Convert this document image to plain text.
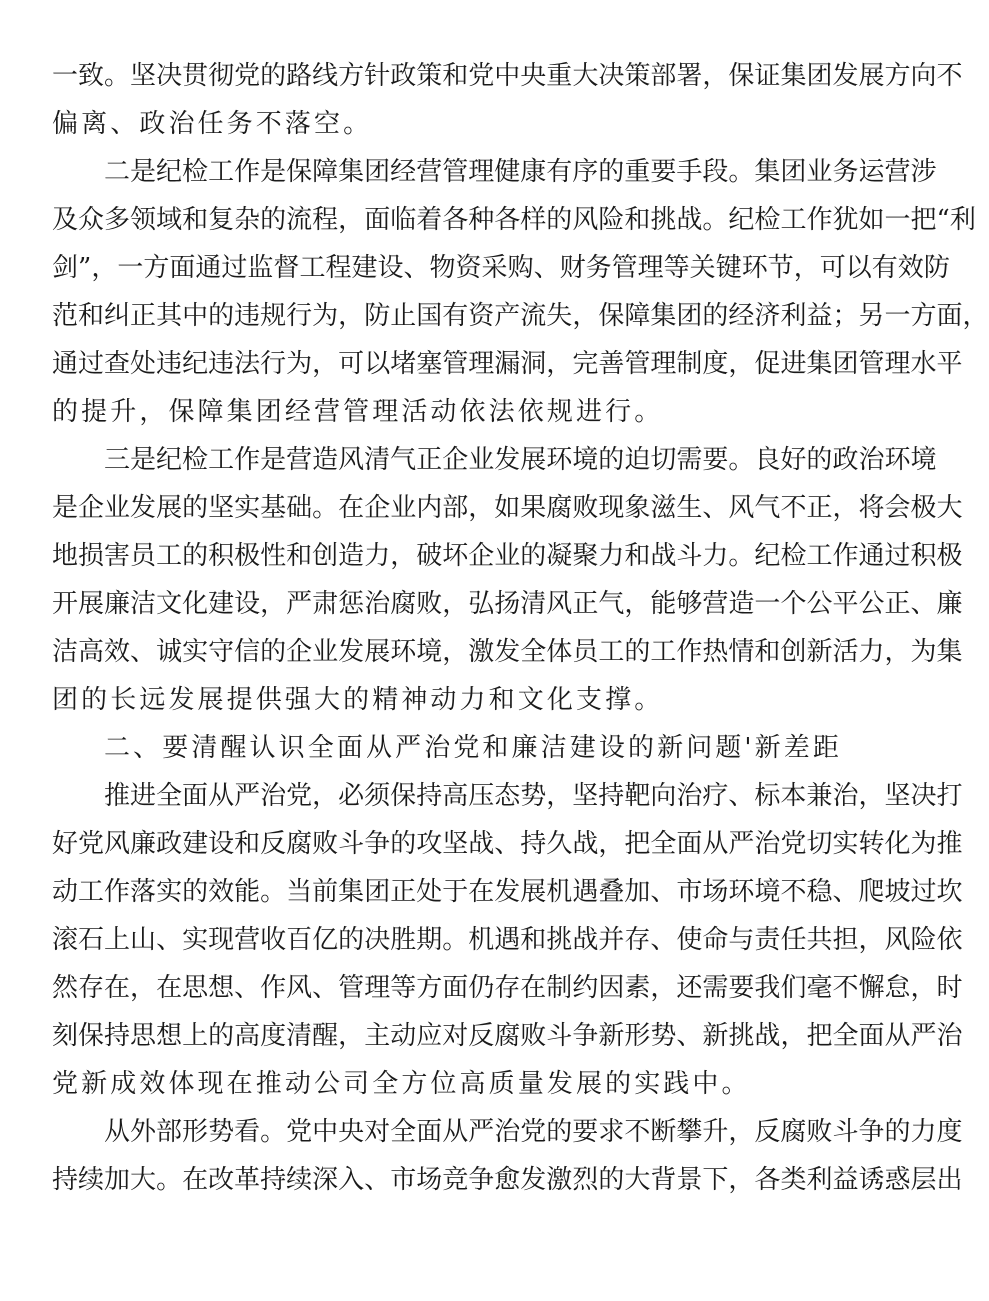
一 致 。 坚 决 贯 彻 党 的 路 线 方 针 政 策 和 党 中 央 重 大 决 策 部 署 ， 保 证 集 团 发 展 方 向 不
偏 离 、 政 治 任 务 不 落 空 。
二 是 纪 检 工 作 是 保 障 集 团 经 营 管 理 健 康 有 序 的 重 要 手 段 。 集 团 业 务 运 营 涉
及 众 多 领 域 和 复 杂 的 流 程 ， 面 临 着 各 种 各 样 的 风 险 和 挑 战 。 纪 检 工 作 犹 如 一 把 “ 利
剑 ” ， 一 方 面 通 过 监 督 工 程 建 设 、 物 资 采 购 、 财 务 管 理 等 关 键 环 节 ， 可 以 有 效 防
范 和 纠 正 其 中 的 违 规 行 为 ， 防 止 国 有 资 产 流 失 ， 保 障 集 团 的 经 济 利 益 ； 另 一 方 面 ，
通 过 查 处 违 纪 违 法 行 为 ， 可 以 堵 塞 管 理 漏 洞 ， 完 善 管 理 制 度 ， 促 进 集 团 管 理 水 平
的 提 升 ， 保 障 集 团 经 营 管 理 活 动 依 法 依 规 进 行 。
三 是 纪 检 工 作 是 营 造 风 清 气 正 企 业 发 展 环 境 的 迫 切 需 要 。 良 好 的 政 治 环 境
是 企 业 发 展 的 坚 实 基 础 。 在 企 业 内 部 ， 如 果 腐 败 现 象 滋 生 、 风 气 不 正 ， 将 会 极 大
地 损 害 员 工 的 积 极 性 和 创 造 力 ， 破 坏 企 业 的 凝 聚 力 和 战 斗 力 。 纪 检 工 作 通 过 积 极
开 展 廉 洁 文 化 建 设 ， 严 肃 惩 治 腐 败 ， 弘 扬 清 风 正 气 ， 能 够 营 造 一 个 公 平 公 正 、 廉
洁 高 效 、 诚 实 守 信 的 企 业 发 展 环 境 ， 激 发 全 体 员 工 的 工 作 热 情 和 创 新 活 力 ， 为 集
团 的 长 远 发 展 提 供 强 大 的 精 神 动 力 和 文 化 支 撑 。
二 、 要 清 醒 认 识 全 面 从 严 治 党 和 廉 洁 建 设 的 新 问 题 ' 新 差 距
推 进 全 面 从 严 治 党 ， 必 须 保 持 高 压 态 势 ， 坚 持 靶 向 治 疗 、 标 本 兼 治 ， 坚 决 打
好 党 风 廉 政 建 设 和 反 腐 败 斗 争 的 攻 坚 战 、 持 久 战 ， 把 全 面 从 严 治 党 切 实 转 化 为 推
动 工 作 落 实 的 效 能 。 当 前 集 团 正 处 于 在 发 展 机 遇 叠 加 、 市 场 环 境 不 稳 、 爬 坡 过 坎
滚 石 上 山 、 实 现 营 收 百 亿 的 决 胜 期 。 机 遇 和 挑 战 并 存 、 使 命 与 责 任 共 担 ， 风 险 依
然 存 在 ， 在 思 想 、 作 风 、 管 理 等 方 面 仍 存 在 制 约 因 素 ， 还 需 要 我 们 毫 不 懈 怠 ， 时
刻 保 持 思 想 上 的 高 度 清 醒 ， 主 动 应 对 反 腐 败 斗 争 新 形 势 、 新 挑 战 ， 把 全 面 从 严 治
党 新 成 效 体 现 在 推 动 公 司 全 方 位 高 质 量 发 展 的 实 践 中 。
从 外 部 形 势 看 。 党 中 央 对 全 面 从 严 治 党 的 要 求 不 断 攀 升 ， 反 腐 败 斗 争 的 力 度
持 续 加 大 。 在 改 革 持 续 深 入 、 市 场 竞 争 愈 发 激 烈 的 大 背 景 下 ， 各 类 利 益 诱 惑 层 出
